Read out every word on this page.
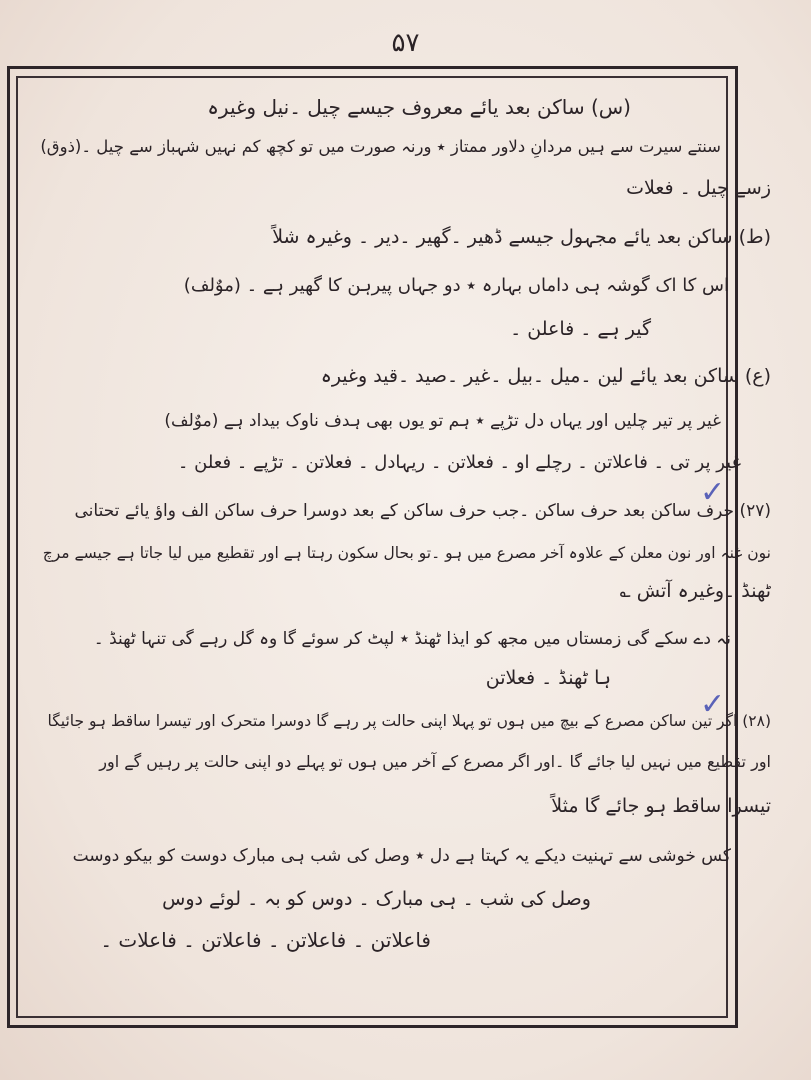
۵۷
(س) ساکن بعد یائے معروف جیسے چیل ۔نیل وغیرہ
سنتے سیرت سے ہیں مردانِ دلاور ممتاز ٭ ورنہ صورت میں تو کچھ کم نہیں شہباز سے چیل ۔(ذوق)
زسے چیل ۔ فعلات
(ط) ساکن بعد یائے مجہول جیسے ڈھیر ۔گھیر ۔دیر ۔ وغیرہ شلاً
اس کا اک گوشہ ہی داماں بہارہ ٭ دو جہاں پیرہن کا گھیر ہے ۔ (موٌلف)
گیر ہے ۔ فاعلن ۔
(ع) ساکن بعد یائے لین ۔میل ۔بیل ۔غیر ۔صید ۔قید وغیرہ
غیر پر تیر چلیں اور یہاں دل تڑپے ٭ ہم تو یوں بھی ہدف ناوک بیداد ہے (موٌلف)
غیر پر تی ۔ فاعلاتن ۔ رچلے او ۔ فعلاتن ۔ ریہادل ۔ فعلاتن ۔ تڑپے ۔ فعلن ۔
(۲۷) حرف ساکن بعد حرف ساکن ۔جب حرف ساکن کے بعد دوسرا حرف ساکن الف واؤ یائے تحتانی
نون غنہ اور نون معلن کے علاوہ آخر مصرع میں ہو ۔تو بحال سکون رہتا ہے اور تقطیع میں لیا جاتا ہے جیسے مرچ
ٹھنڈ ۔وغیرہ آتش ؎
نہ دے سکے گی زمستاں میں مجھ کو ایذا ٹھنڈ ٭ لپٹ کر سوئے گا وہ گل رہے گی تنہا ٹھنڈ ۔
ہا ٹھنڈ ۔ فعلاتن
(۲۸) اگر تین ساکن مصرع کے بیچ میں ہوں تو پہلا اپنی حالت پر رہے گا دوسرا متحرک اور تیسرا ساقط ہو جائیگا
اور تقطیع میں نہیں لیا جائے گا ۔اور اگر مصرع کے آخر میں ہوں تو پہلے دو اپنی حالت پر رہیں گے اور
تیسرا ساقط ہو جائے گا مثلاً
کس خوشی سے تہنیت دیکے یہ کہتا ہے دل ٭ وصل کی شب ہی مبارک دوست کو بیکو دوست
وصل کی شب ۔ ہی مبارک ۔ دوس کو بہ ۔ لوئے دوس
فاعلاتن ۔ فاعلاتن ۔ فاعلاتن ۔ فاعلات ۔
✓
✓
